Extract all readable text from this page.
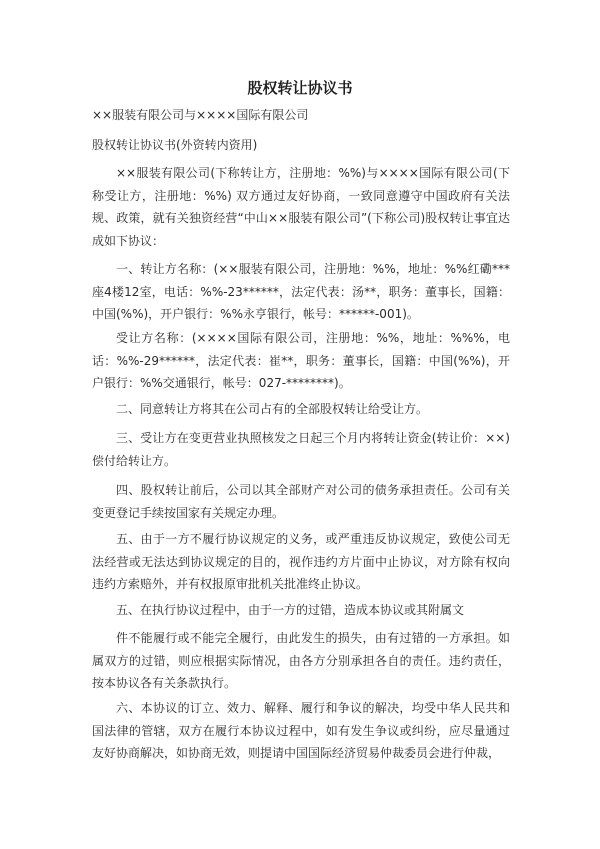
股权转让协议书

××服装有限公司与××××国际有限公司

股权转让协议书(外资转内资用)

××服装有限公司(下称转让方，注册地：%%)与××××国际有限公司(下称受让方，注册地：%%) 双方通过友好协商，一致同意遵守中国政府有关法规、政策，就有关独资经营“中山××服装有限公司”(下称公司)股权转让事宜达成如下协议：

一、转让方名称：(××服装有限公司，注册地：%%，地址：%%红磡***座4楼12室，电话：%%-23******，法定代表：汤**，职务：董事长，国籍：中国(%%)，开户银行：%%永亨银行，帐号：******-001)。

受让方名称：(××××国际有限公司，注册地：%%，地址：%%%，电话：%%-29******，法定代表：崔**，职务：董事长，国籍：中国(%%)，开户银行：%%交通银行，帐号：027-********)。

二、同意转让方将其在公司占有的全部股权转让给受让方。

三、受让方在变更营业执照核发之日起三个月内将转让资金(转让价：××)偿付给转让方。

四、股权转让前后，公司以其全部财产对公司的债务承担责任。公司有关变更登记手续按国家有关规定办理。

五、由于一方不履行协议规定的义务，或严重违反协议规定，致使公司无法经营或无法达到协议规定的目的，视作违约方片面中止协议，对方除有权向违约方索赔外，并有权报原审批机关批准终止协议。

五、在执行协议过程中，由于一方的过错，造成本协议或其附属文

件不能履行或不能完全履行，由此发生的损失，由有过错的一方承担。如属双方的过错，则应根据实际情况，由各方分别承担各自的责任。违约责任，按本协议各有关条款执行。

六、本协议的订立、效力、解释、履行和争议的解决，均受中华人民共和国法律的管辖，双方在履行本协议过程中，如有发生争议或纠纷，应尽量通过友好协商解决，如协商无效，则提请中国国际经济贸易仲裁委员会进行仲裁，
